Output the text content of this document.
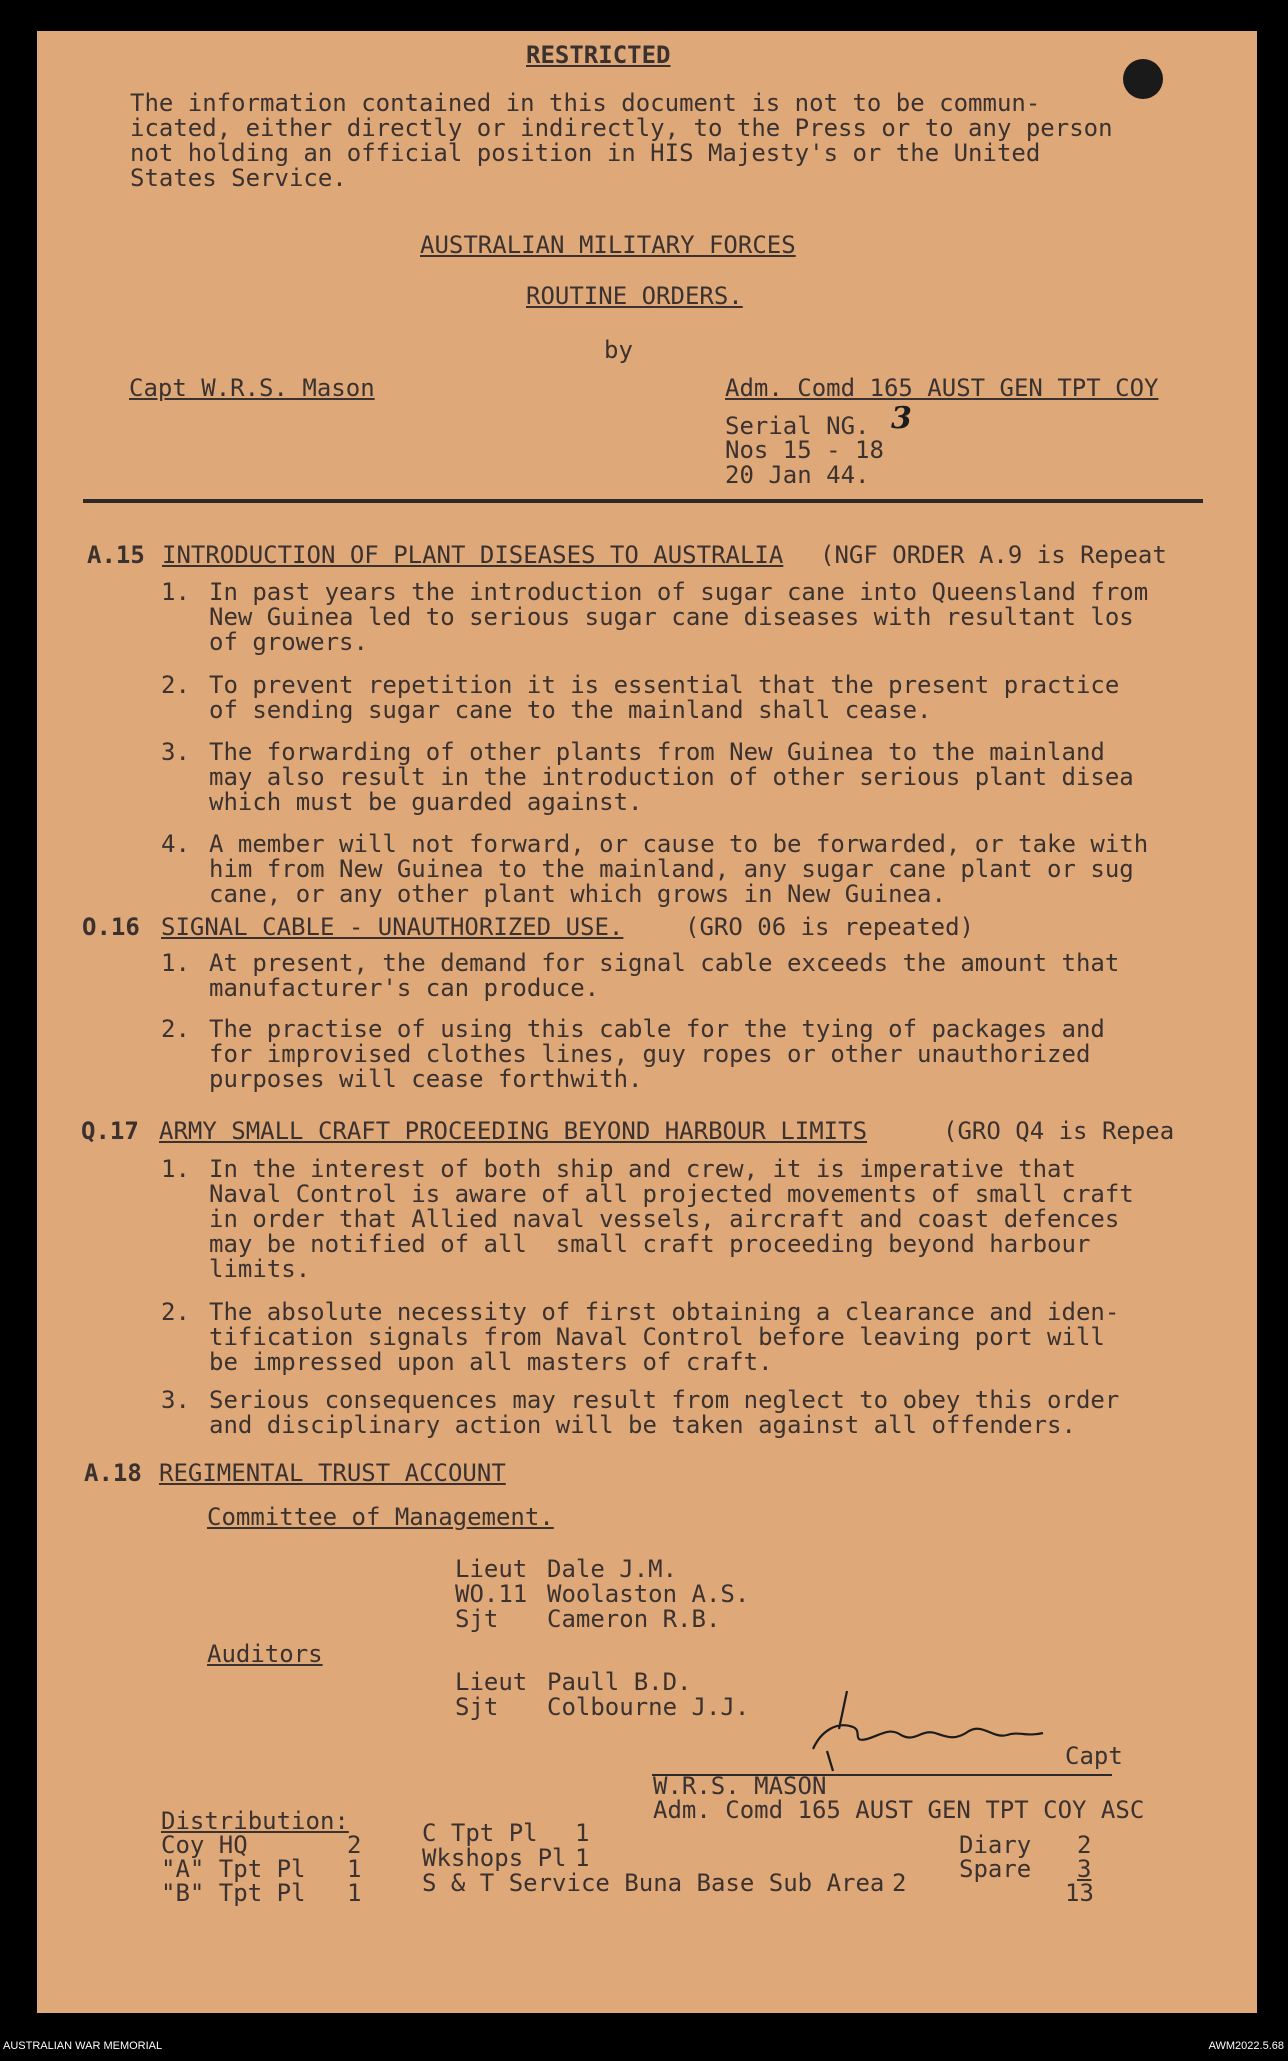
RESTRICTED
The information contained in this document is not to be commun-
icated, either directly or indirectly, to the Press or to any person
not holding an official position in HIS Majesty's or the United
States Service.
AUSTRALIAN MILITARY FORCES
ROUTINE ORDERS.
by
Capt W.R.S. Mason	Adm. Comd 165 AUST GEN TPT COY
Serial NG. 3
Nos 15 - 18
20 Jan 44.
A.15 INTRODUCTION OF PLANT DISEASES TO AUSTRALIA (NGF ORDER A.9 is Repeat
1. In past years the introduction of sugar cane into Queensland from
New Guinea led to serious sugar cane diseases with resultant los
of growers.
2. To prevent repetition it is essential that the present practice
of sending sugar cane to the mainland shall cease.
3. The forwarding of other plants from New Guinea to the mainland
may also result in the introduction of other serious plant disea
which must be guarded against.
4. A member will not forward, or cause to be forwarded, or take with
him from New Guinea to the mainland, any sugar cane plant or sug
cane, or any other plant which grows in New Guinea.
O.16 SIGNAL CABLE - UNAUTHORIZED USE.	(GRO 06 is repeated)
1. At present, the demand for signal cable exceeds the amount that
manufacturer's can produce.
2. The practise of using this cable for the tying of packages and
for improvised clothes lines, guy ropes or other unauthorized
purposes will cease forthwith.
Q.17 ARMY SMALL CRAFT PROCEEDING BEYOND HARBOUR LIMITS	(GRO Q4 is Repea
1. In the interest of both ship and crew, it is imperative that
Naval Control is aware of all projected movements of small craft
in order that Allied naval vessels, aircraft and coast defences
may be notified of all  small craft proceeding beyond harbour
limits.
2. The absolute necessity of first obtaining a clearance and iden-
tification signals from Naval Control before leaving port will
be impressed upon all masters of craft.
3. Serious consequences may result from neglect to obey this order
and disciplinary action will be taken against all offenders.
A.18 REGIMENTAL TRUST ACCOUNT
Committee of Management.
Lieut Dale J.M.
WO.11 Woolaston A.S.
Sjt Cameron R.B.
Auditors
Lieut Paull B.D.
Sjt Colbourne J.J.
Capt
W.R.S. MASON
Adm. Comd 165 AUST GEN TPT COY ASC
Distribution:
Coy HQ	2
"A" Tpt Pl 1
"B" Tpt Pl 1
C Tpt Pl 1
Wkshops Pl 1
S & T Service Buna Base Sub Area 2
Diary 2
Spare 3
13
AUSTRALIAN WAR MEMORIAL	AWM2022.5.68
